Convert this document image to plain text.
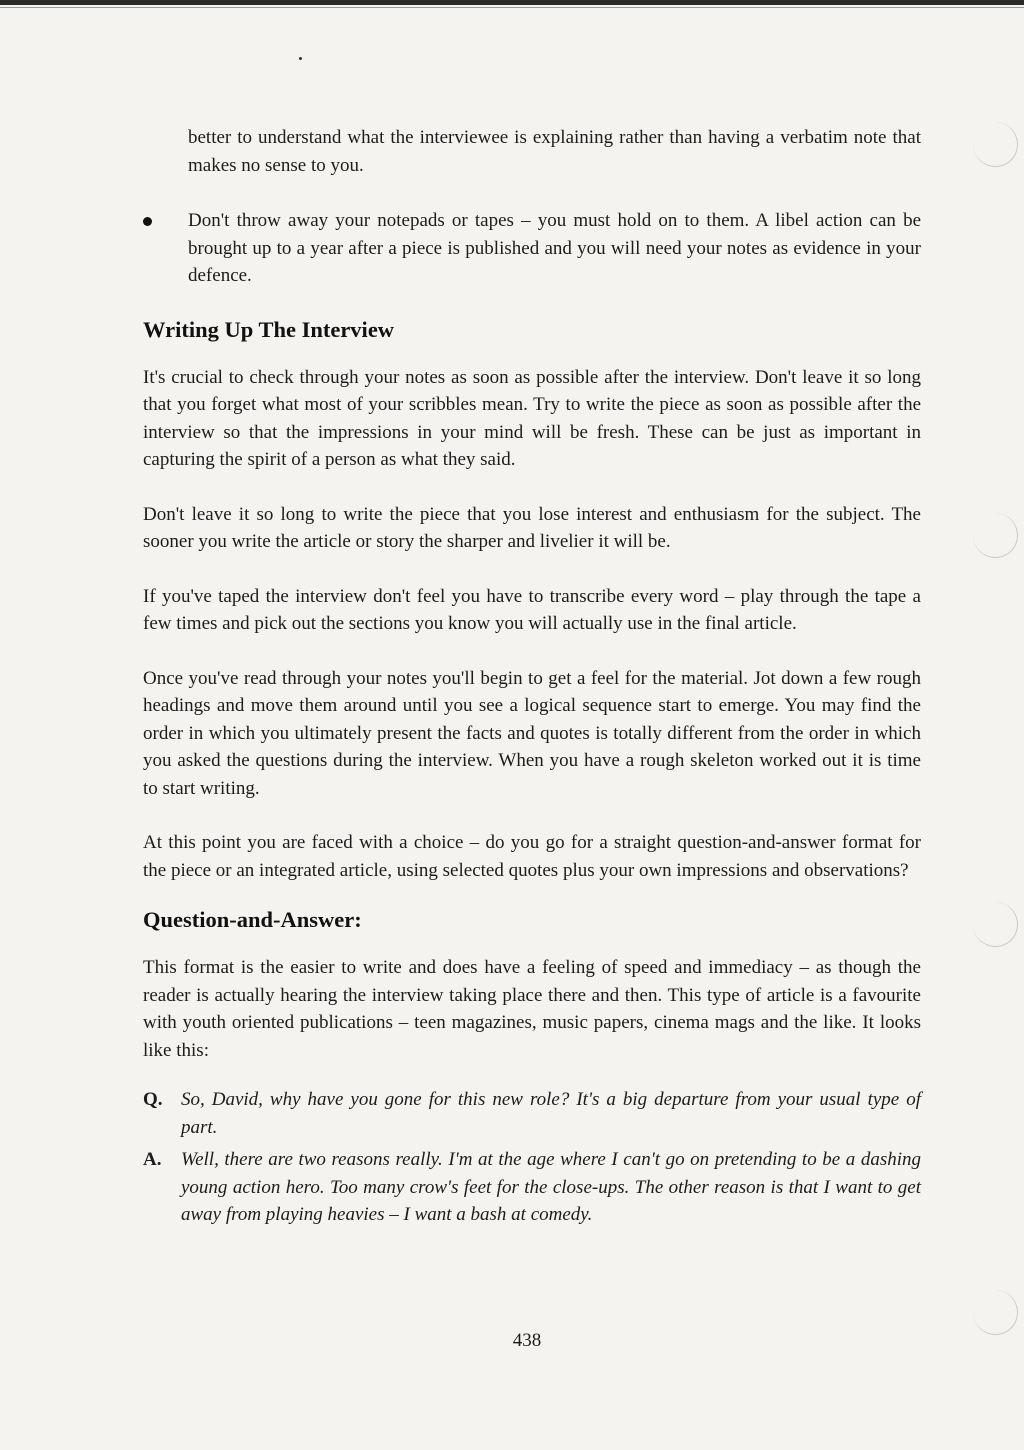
better to understand what the interviewee is explaining rather than having a verbatim note that makes no sense to you.

Don't throw away your notepads or tapes – you must hold on to them. A libel action can be brought up to a year after a piece is published and you will need your notes as evidence in your defence.

Writing Up The Interview

It's crucial to check through your notes as soon as possible after the interview. Don't leave it so long that you forget what most of your scribbles mean. Try to write the piece as soon as possible after the interview so that the impressions in your mind will be fresh. These can be just as important in capturing the spirit of a person as what they said.

Don't leave it so long to write the piece that you lose interest and enthusiasm for the subject. The sooner you write the article or story the sharper and livelier it will be.

If you've taped the interview don't feel you have to transcribe every word – play through the tape a few times and pick out the sections you know you will actually use in the final article.

Once you've read through your notes you'll begin to get a feel for the material. Jot down a few rough headings and move them around until you see a logical sequence start to emerge. You may find the order in which you ultimately present the facts and quotes is totally different from the order in which you asked the questions during the interview. When you have a rough skeleton worked out it is time to start writing.

At this point you are faced with a choice – do you go for a straight question-and-answer format for the piece or an integrated article, using selected quotes plus your own impressions and observations?

Question-and-Answer:

This format is the easier to write and does have a feeling of speed and immediacy – as though the reader is actually hearing the interview taking place there and then. This type of article is a favourite with youth oriented publications – teen magazines, music papers, cinema mags and the like. It looks like this:

Q. So, David, why have you gone for this new role? It's a big departure from your usual type of part.

A. Well, there are two reasons really. I'm at the age where I can't go on pretending to be a dashing young action hero. Too many crow's feet for the close-ups. The other reason is that I want to get away from playing heavies – I want a bash at comedy.

438
